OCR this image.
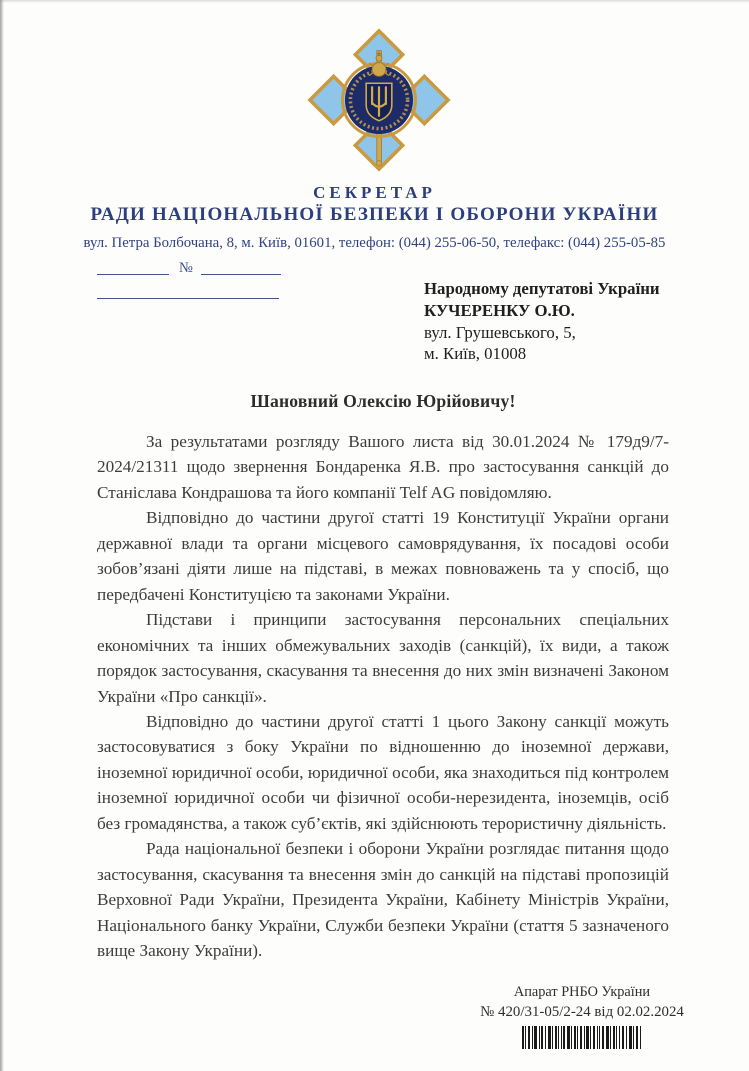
СЕКРЕТАР
РАДИ НАЦІОНАЛЬНОЇ БЕЗПЕКИ І ОБОРОНИ УКРАЇНИ
вул. Петра Болбочана, 8, м. Київ, 01601, телефон: (044) 255-06-50, телефакс: (044) 255-05-85
№
Народному депутатові України
КУЧЕРЕНКУ О.Ю.
вул. Грушевського, 5,
м. Київ, 01008
Шановний Олексію Юрійовичу!

За результатами розгляду Вашого листа від 30.01.2024 № 179д9/7-2024/21311 щодо звернення Бондаренка Я.В. про застосування санкцій до Станіслава Кондрашова та його компанії Telf AG повідомляю.

Відповідно до частини другої статті 19 Конституції України органи державної влади та органи місцевого самоврядування, їх посадові особи зобов’язані діяти лише на підставі, в межах повноважень та у спосіб, що передбачені Конституцією та законами України.

Підстави і принципи застосування персональних спеціальних економічних та інших обмежувальних заходів (санкцій), їх види, а також порядок застосування, скасування та внесення до них змін визначені Законом України «Про санкції».

Відповідно до частини другої статті 1 цього Закону санкції можуть застосовуватися з боку України по відношенню до іноземної держави, іноземної юридичної особи, юридичної особи, яка знаходиться під контролем іноземної юридичної особи чи фізичної особи-нерезидента, іноземців, осіб без громадянства, а також суб’єктів, які здійснюють терористичну діяльність.

Рада національної безпеки і оборони України розглядає питання щодо застосування, скасування та внесення змін до санкцій на підставі пропозицій Верховної Ради України, Президента України, Кабінету Міністрів України, Національного банку України, Служби безпеки України (стаття 5 зазначеного вище Закону України).

Апарат РНБО України
№ 420/31-05/2-24 від 02.02.2024
